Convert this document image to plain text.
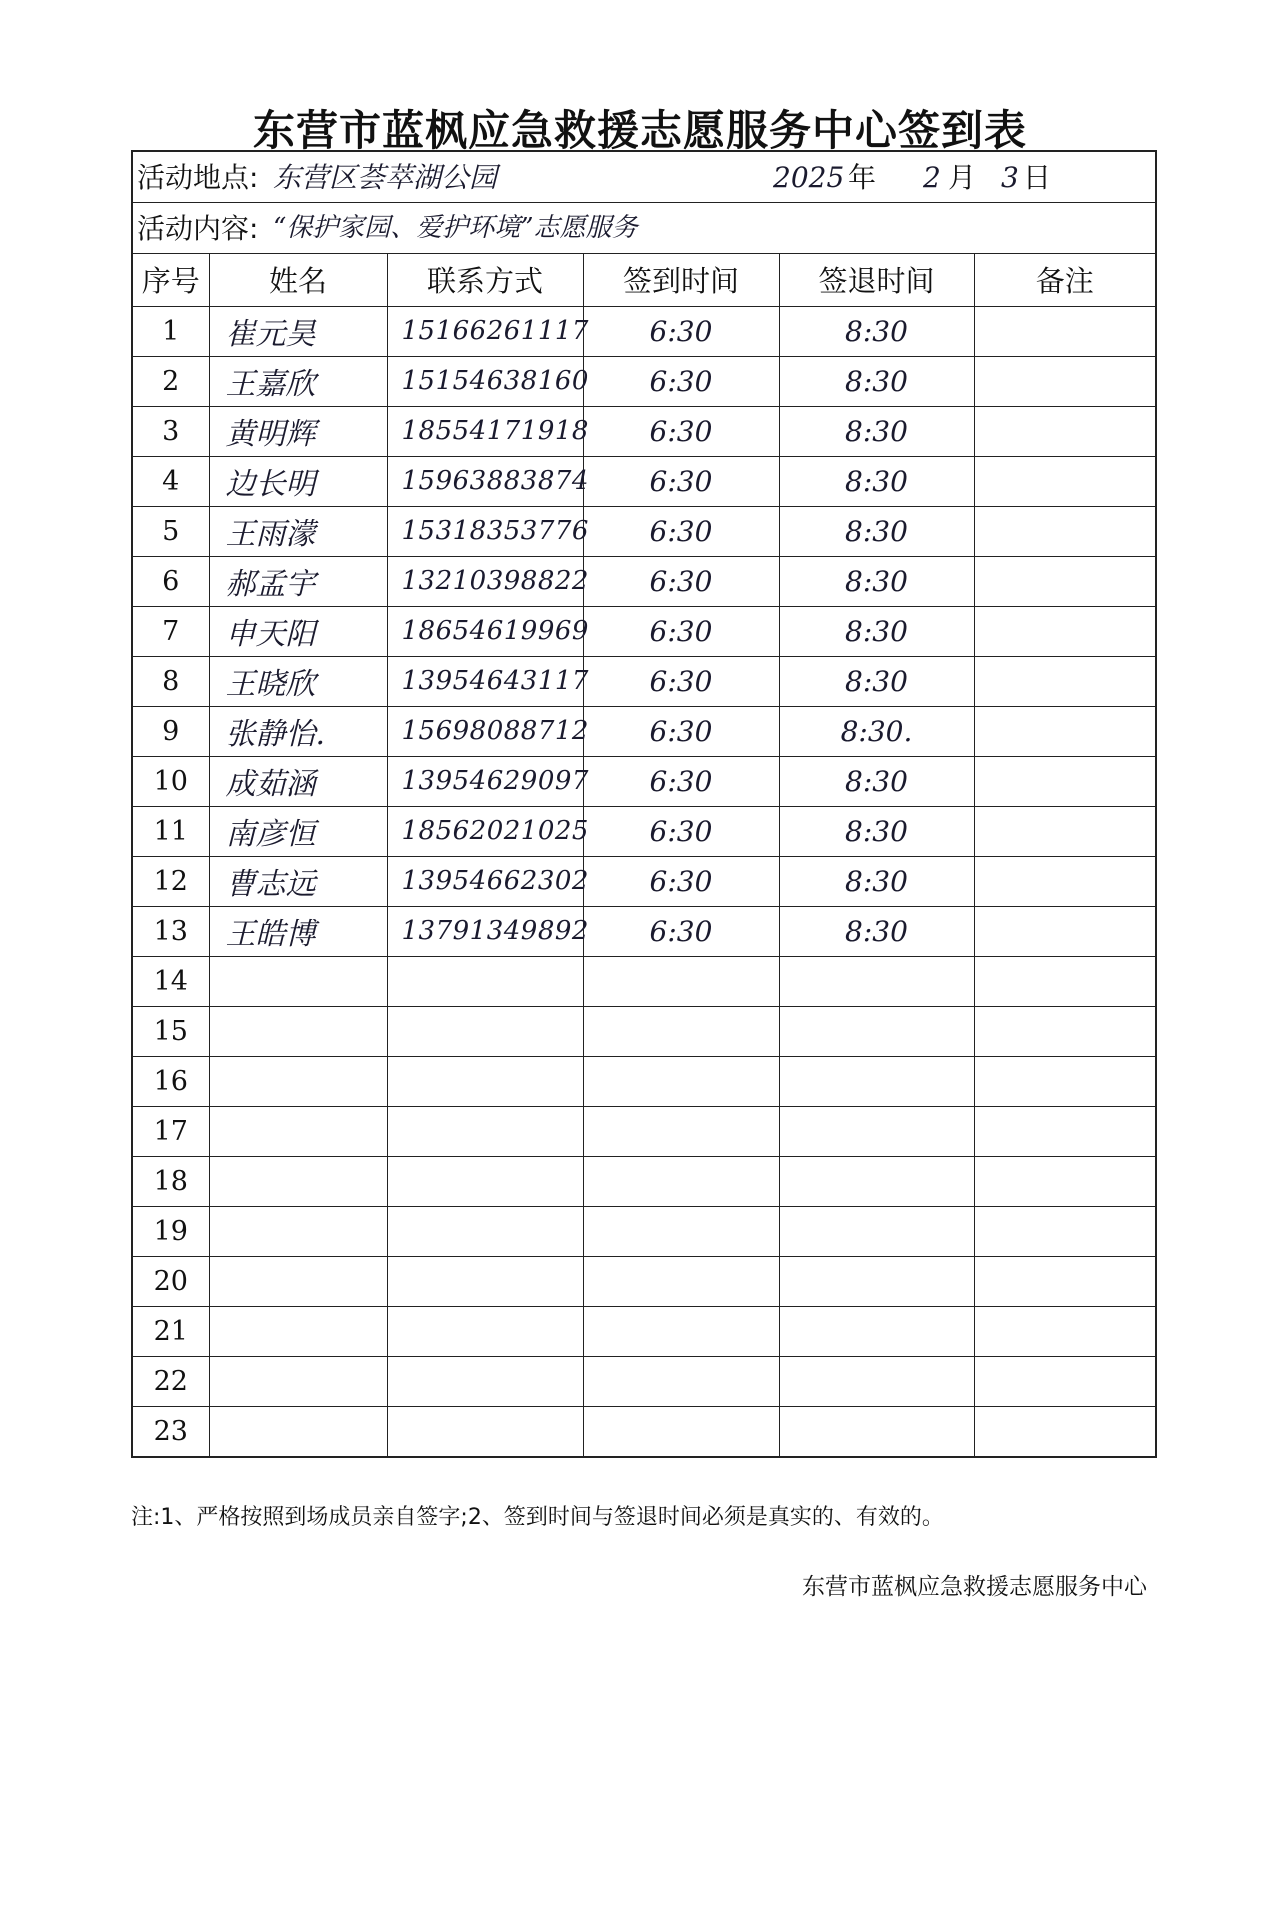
东营市蓝枫应急救援志愿服务中心签到表
活动地点: 东营区荟萃湖公园	2025 年 2 月 3 日
活动内容: “保护家园、爱护环境”志愿服务
序号	姓名	联系方式	签到时间	签退时间	备注
1	崔元昊	15166261117	6:30	8:30	
2	王嘉欣	15154638160	6:30	8:30	
3	黄明辉	18554171918	6:30	8:30	
4	边长明	15963883874	6:30	8:30	
5	王雨濛	15318353776	6:30	8:30	
6	郝孟宇	13210398822	6:30	8:30	
7	申天阳	18654619969	6:30	8:30	
8	王晓欣	13954643117	6:30	8:30	
9	张静怡.	15698088712	6:30	8:30.	
10	成茹涵	13954629097	6:30	8:30	
11	南彦恒	18562021025	6:30	8:30	
12	曹志远	13954662302	6:30	8:30	
13	王皓博	13791349892	6:30	8:30	
14					
15					
16					
17					
18					
19					
20					
21					
22					
23					
注:1、严格按照到场成员亲自签字;2、签到时间与签退时间必须是真实的、有效的。
东营市蓝枫应急救援志愿服务中心
